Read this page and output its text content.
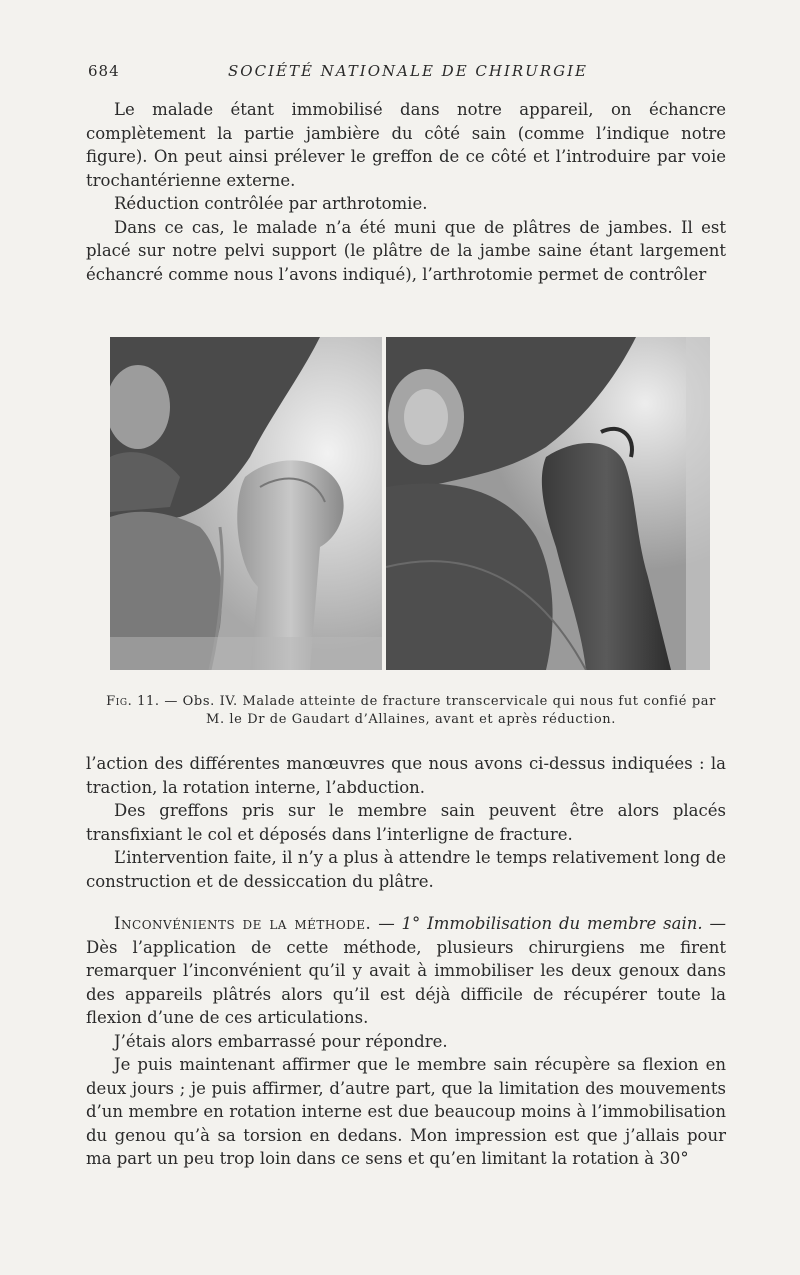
684	SOCIÉTÉ NATIONALE DE CHIRURGIE

Le malade étant immobilisé dans notre appareil, on échancre complètement la partie jambière du côté sain (comme l’indique notre figure). On peut ainsi prélever le greffon de ce côté et l’introduire par voie trochantérienne externe.

Réduction contrôlée par arthrotomie.

Dans ce cas, le malade n’a été muni que de plâtres de jambes. Il est placé sur notre pelvi support (le plâtre de la jambe saine étant largement échancré comme nous l’avons indiqué), l’arthrotomie permet de contrôler

Fig. 11. — Obs. IV. Malade atteinte de fracture transcervicale qui nous fut confié par M. le Dr de Gaudart d’Allaines, avant et après réduction.

l’action des différentes manœuvres que nous avons ci-dessus indiquées : la traction, la rotation interne, l’abduction.

Des greffons pris sur le membre sain peuvent être alors placés transfixiant le col et déposés dans l’interligne de fracture.

L’intervention faite, il n’y a plus à attendre le temps relativement long de construction et de dessiccation du plâtre.

Inconvénients de la méthode. — 1° Immobilisation du membre sain. — Dès l’application de cette méthode, plusieurs chirurgiens me firent remarquer l’inconvénient qu’il y avait à immobiliser les deux genoux dans des appareils plâtrés alors qu’il est déjà difficile de récupérer toute la flexion d’une de ces articulations.

J’étais alors embarrassé pour répondre.

Je puis maintenant affirmer que le membre sain récupère sa flexion en deux jours ; je puis affirmer, d’autre part, que la limitation des mouvements d’un membre en rotation interne est due beaucoup moins à l’immobilisation du genou qu’à sa torsion en dedans. Mon impression est que j’allais pour ma part un peu trop loin dans ce sens et qu’en limitant la rotation à 30°
